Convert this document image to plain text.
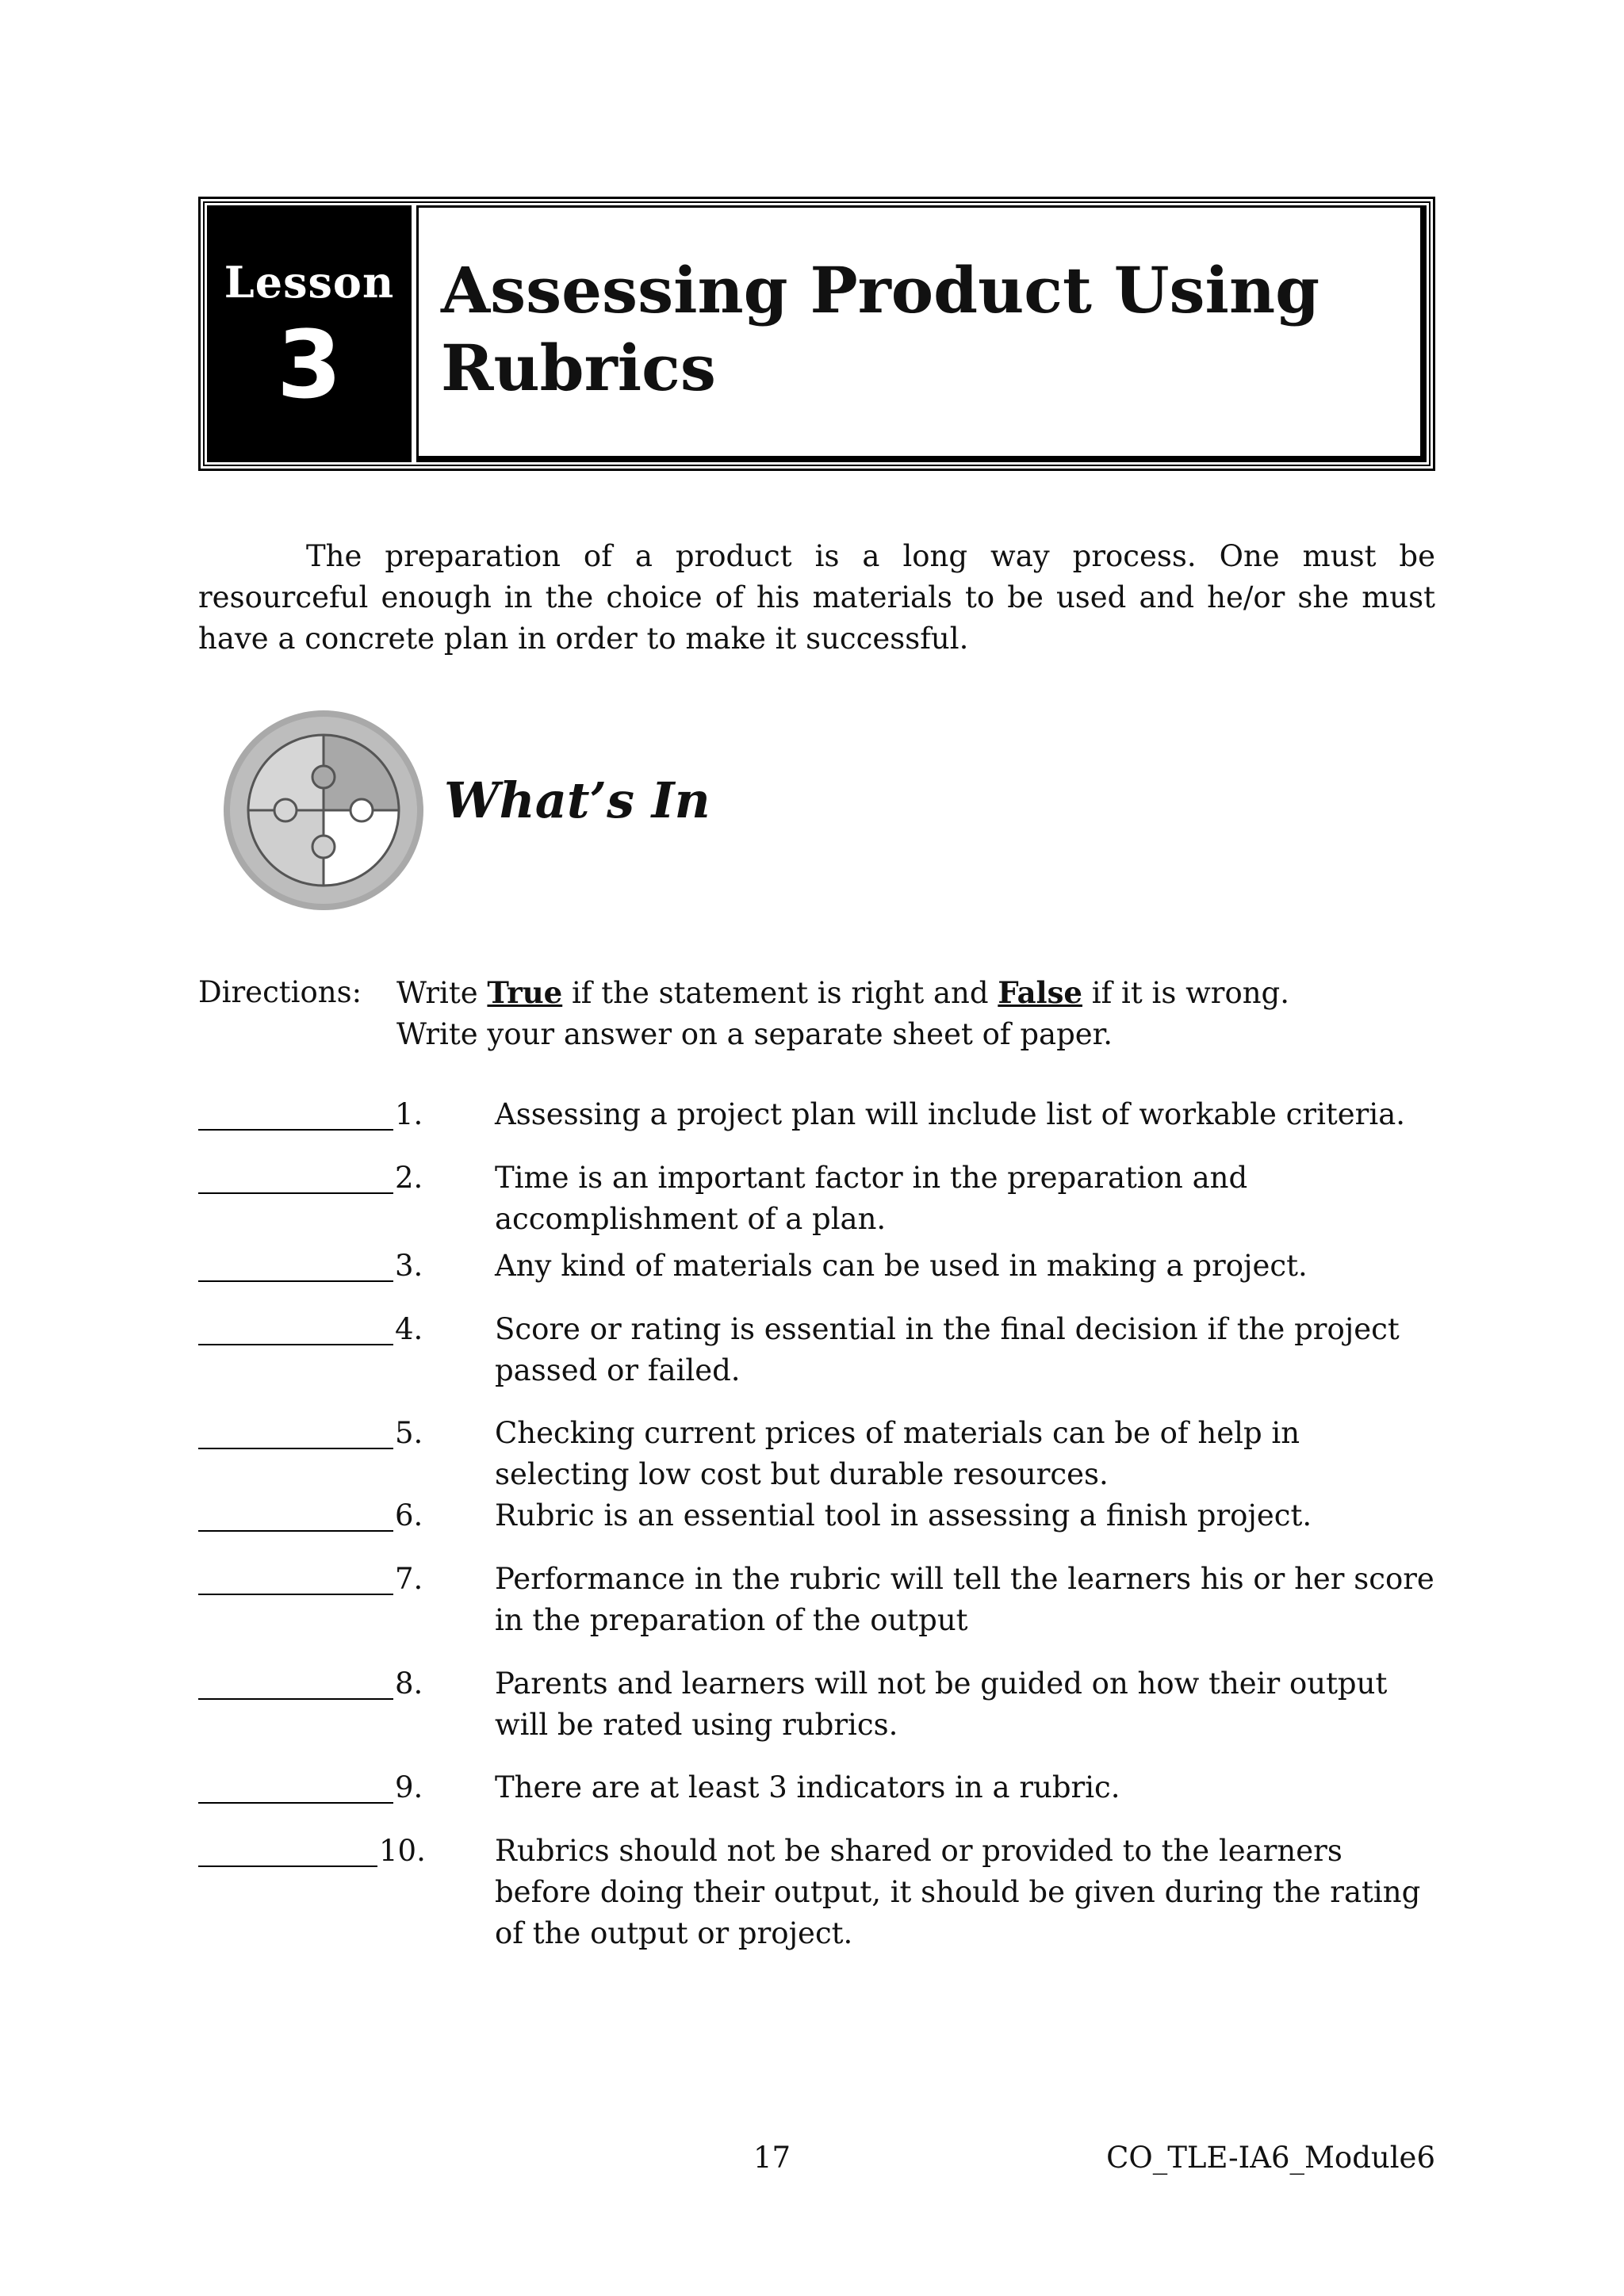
Lesson
3
Assessing Product Using
Rubrics

The preparation of a product is a long way process. One must be resourceful enough in the choice of his materials to be used and he/or she must have a concrete plan in order to make it successful.

What’s In
Directions: Write True if the statement is right and False if it is wrong.
Write your answer on a separate sheet of paper.
1. Assessing a project plan will include list of workable criteria.
2. Time is an important factor in the preparation and accomplishment of a plan.
3. Any kind of materials can be used in making a project.
4. Score or rating is essential in the final decision if the project passed or failed.
5. Checking current prices of materials can be of help in selecting low cost but durable resources.
6. Rubric is an essential tool in assessing a finish project.
7. Performance in the rubric will tell the learners his or her score in the preparation of the output
8. Parents and learners will not be guided on how their output will be rated using rubrics.
9. There are at least 3 indicators in a rubric.
10. Rubrics should not be shared or provided to the learners before doing their output, it should be given during the rating of the output or project.
17	CO_TLE-IA6_Module6
